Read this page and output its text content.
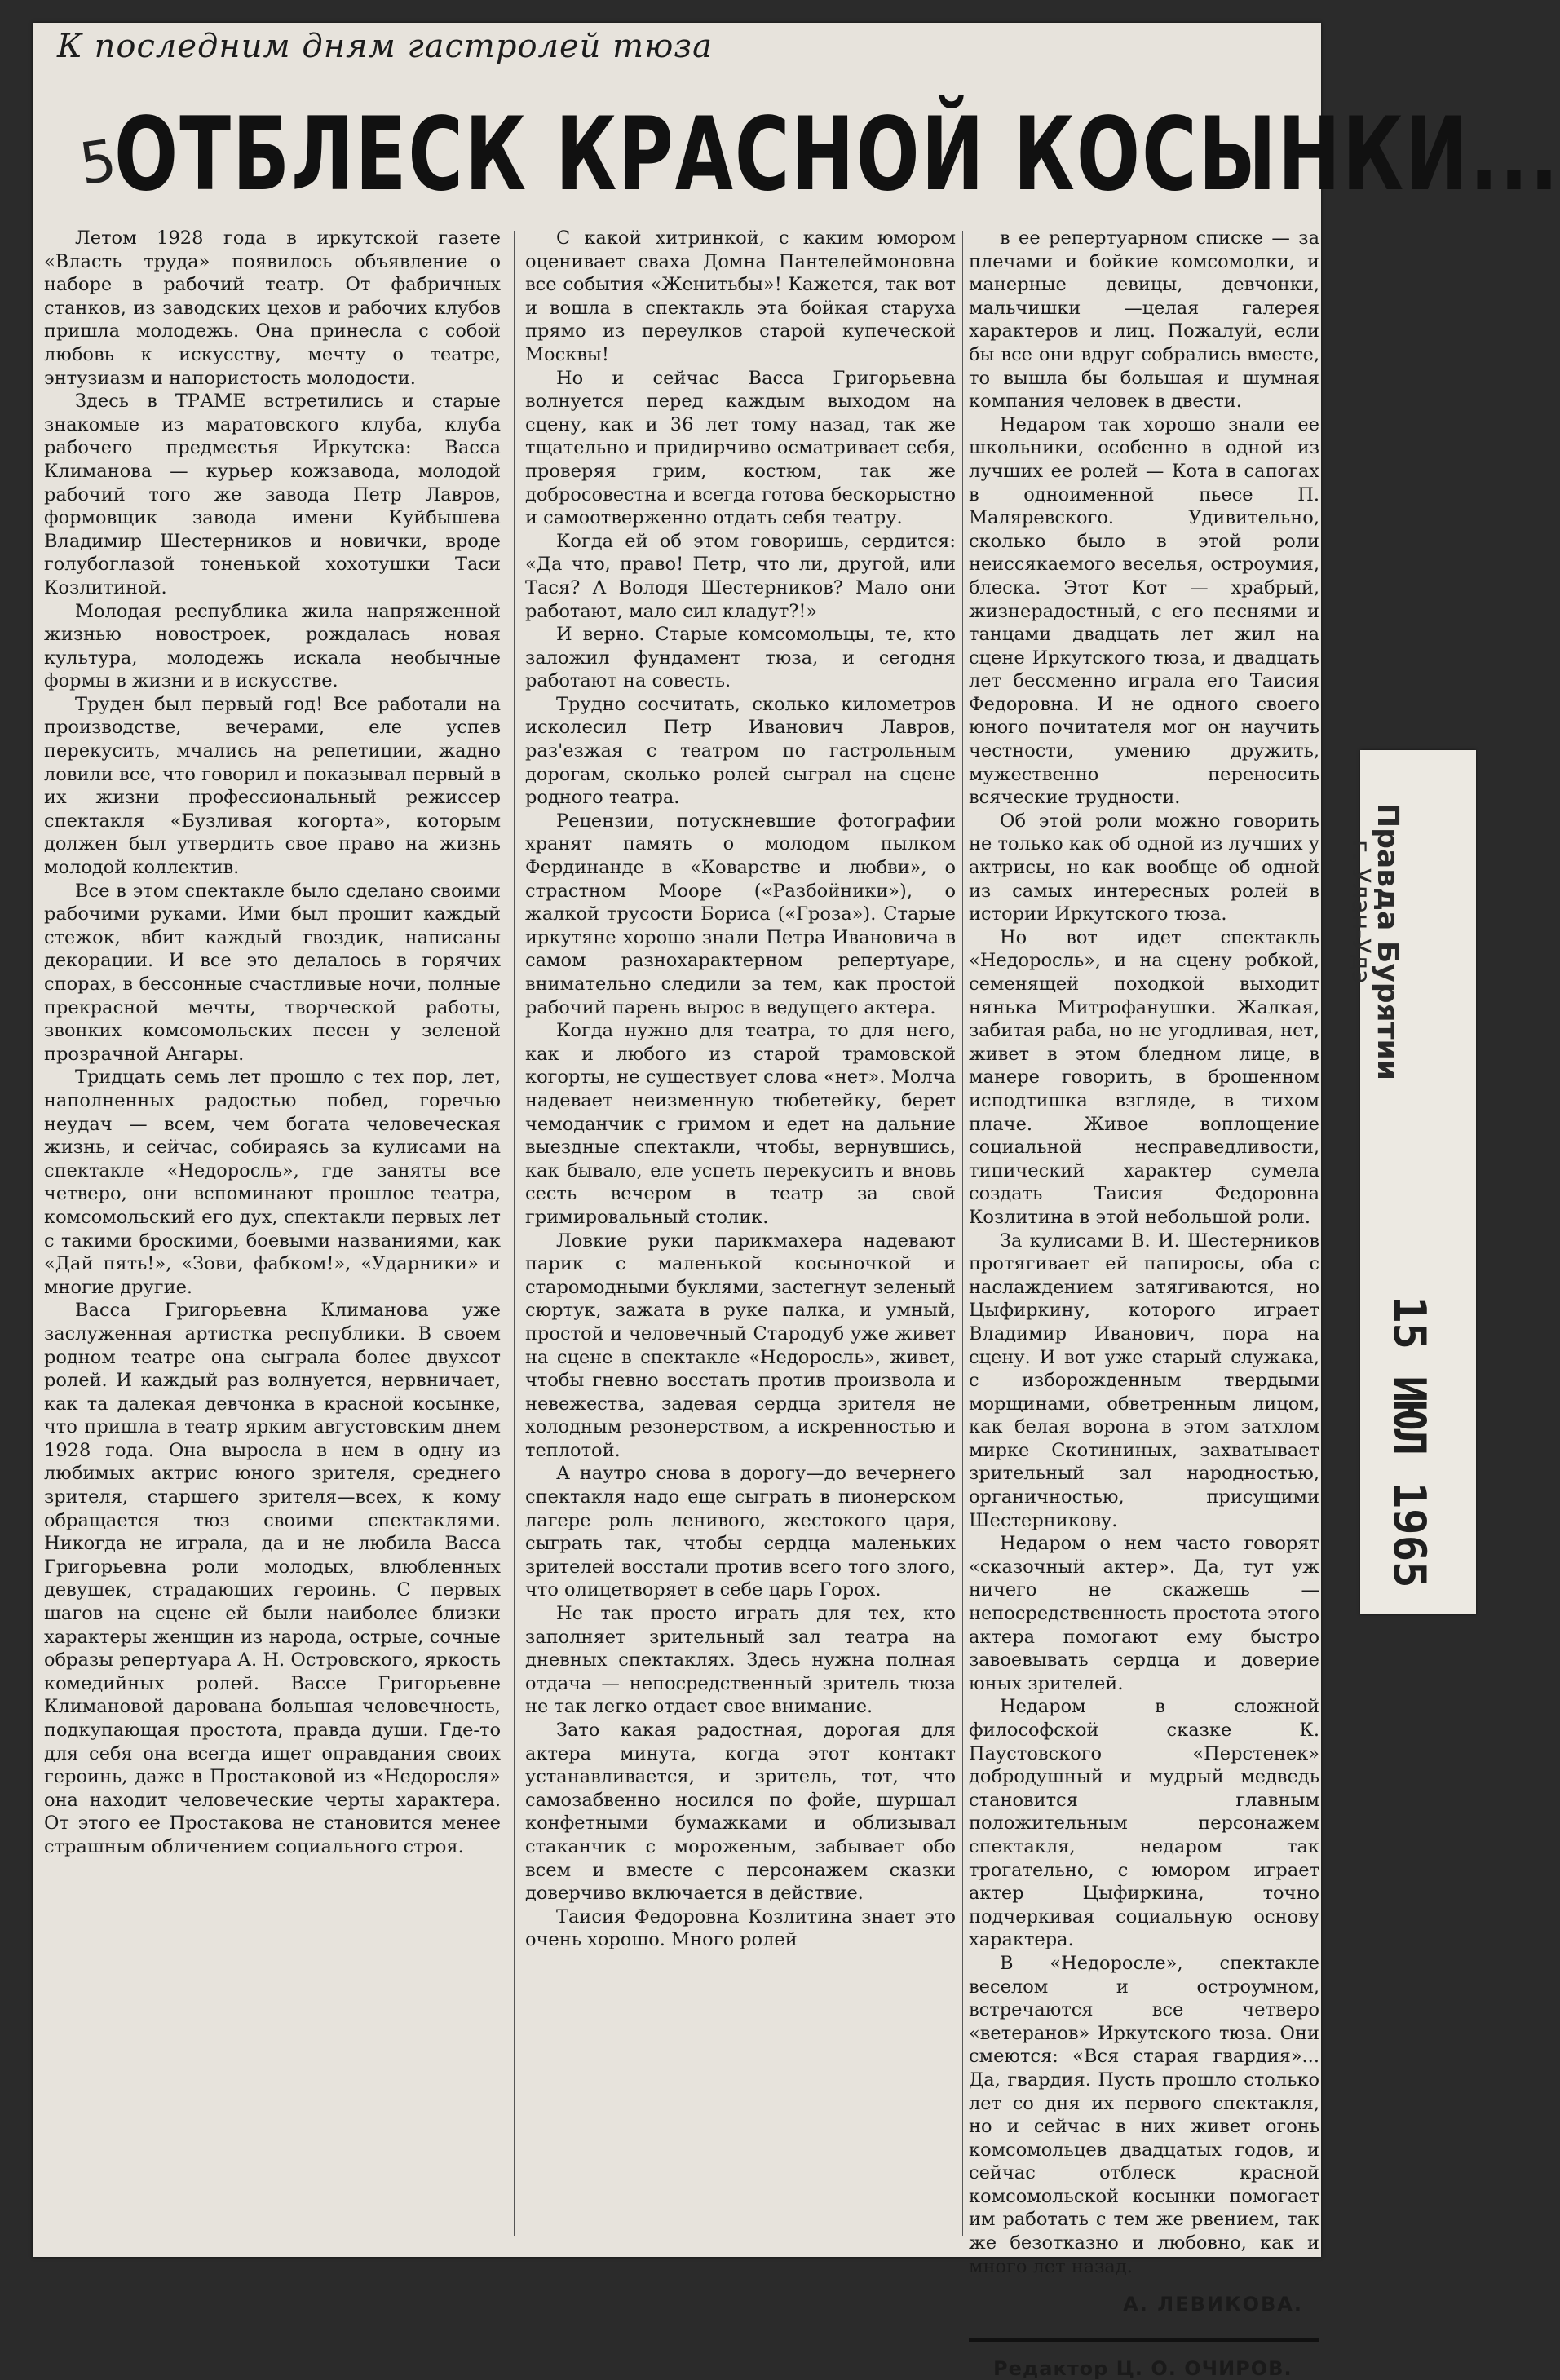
К последним дням гастролей тюза
5
ОТБЛЕСК КРАСНОЙ КОСЫНКИ...

Летом 1928 года в иркутской газете «Власть труда» появилось объявление о наборе в рабочий театр. От фабричных станков, из заводских цехов и рабочих клубов пришла молодежь. Она принесла с собой любовь к искусству, мечту о театре, энтузиазм и напористость молодости.

Здесь в ТРАМЕ встретились и старые знакомые из маратовского клуба, клуба рабочего предместья Иркутска: Васса Климанова — курьер кожзавода, молодой рабочий того же завода Петр Лавров, формовщик завода имени Куйбышева Владимир Шестерников и новички, вроде голубоглазой тоненькой хохотушки Таси Козлитиной.

Молодая республика жила напряженной жизнью новостроек, рождалась новая культура, молодежь искала необычные формы в жизни и в искусстве.

Труден был первый год! Все работали на производстве, вечерами, еле успев перекусить, мчались на репетиции, жадно ловили все, что говорил и показывал первый в их жизни профессиональный режиссер спектакля «Бузливая когорта», которым должен был утвердить свое право на жизнь молодой коллектив.

Все в этом спектакле было сделано своими рабочими руками. Ими был прошит каждый стежок, вбит каждый гвоздик, написаны декорации. И все это делалось в горячих спорах, в бессонные счастливые ночи, полные прекрасной мечты, творческой работы, звонких комсомольских песен у зеленой прозрачной Ангары.

Тридцать семь лет прошло с тех пор, лет, наполненных радостью побед, горечью неудач — всем, чем богата человеческая жизнь, и сейчас, собираясь за кулисами на спектакле «Недоросль», где заняты все четверо, они вспоминают прошлое театра, комсомольский его дух, спектакли первых лет с такими броскими, боевыми названиями, как «Дай пять!», «Зови, фабком!», «Ударники» и многие другие.

Васса Григорьевна Климанова уже заслуженная артистка республики. В своем родном театре она сыграла более двухсот ролей. И каждый раз волнуется, нервничает, как та далекая девчонка в красной косынке, что пришла в театр ярким августовским днем 1928 года. Она выросла в нем в одну из любимых актрис юного зрителя, среднего зрителя, старшего зрителя—всех, к кому обращается тюз своими спектаклями. Никогда не играла, да и не любила Васса Григорьевна роли молодых, влюбленных девушек, страдающих героинь. С первых шагов на сцене ей были наиболее близки характеры женщин из народа, острые, сочные образы репертуара А. Н. Островского, яркость комедийных ролей. Вассе Григорьевне Климановой дарована большая человечность, подкупающая простота, правда души. Где-то для себя она всегда ищет оправдания своих героинь, даже в Простаковой из «Недоросля» она находит человеческие черты характера. От этого ее Простакова не становится менее страшным обличением социального строя.

С какой хитринкой, с каким юмором оценивает сваха Домна Пантелеймоновна все события «Женитьбы»! Кажется, так вот и вошла в спектакль эта бойкая старуха прямо из переулков старой купеческой Москвы!

Но и сейчас Васса Григорьевна волнуется перед каждым выходом на сцену, как и 36 лет тому назад, так же тщательно и придирчиво осматривает себя, проверяя грим, костюм, так же добросовестна и всегда готова бескорыстно и самоотверженно отдать себя театру.

Когда ей об этом говоришь, сердится: «Да что, право! Петр, что ли, другой, или Тася? А Володя Шестерников? Мало они работают, мало сил кладут?!»

И верно. Старые комсомольцы, те, кто заложил фундамент тюза, и сегодня работают на совесть.

Трудно сосчитать, сколько километров исколесил Петр Иванович Лавров, раз'езжая с театром по гастрольным дорогам, сколько ролей сыграл на сцене родного театра.

Рецензии, потускневшие фотографии хранят память о молодом пылком Фердинанде в «Коварстве и любви», о страстном Мооре («Разбойники»), о жалкой трусости Бориса («Гроза»). Старые иркутяне хорошо знали Петра Ивановича в самом разнохарактерном репертуаре, внимательно следили за тем, как простой рабочий парень вырос в ведущего актера.

Когда нужно для театра, то для него, как и любого из старой трамовской когорты, не существует слова «нет». Молча надевает неизменную тюбетейку, берет чемоданчик с гримом и едет на дальние выездные спектакли, чтобы, вернувшись, как бывало, еле успеть перекусить и вновь сесть вечером в театр за свой гримировальный столик.

Ловкие руки парикмахера надевают парик с маленькой косыночкой и старомодными буклями, застегнут зеленый сюртук, зажата в руке палка, и умный, простой и человечный Стародуб уже живет на сцене в спектакле «Недоросль», живет, чтобы гневно восстать против произвола и невежества, задевая сердца зрителя не холодным резонерством, а искренностью и теплотой.

А наутро снова в дорогу—до вечернего спектакля надо еще сыграть в пионерском лагере роль ленивого, жестокого царя, сыграть так, чтобы сердца маленьких зрителей восстали против всего того злого, что олицетворяет в себе царь Горох.

Не так просто играть для тех, кто заполняет зрительный зал театра на дневных спектаклях. Здесь нужна полная отдача — непосредственный зритель тюза не так легко отдает свое внимание.

Зато какая радостная, дорогая для актера минута, когда этот контакт устанавливается, и зритель, тот, что самозабвенно носился по фойе, шуршал конфетными бумажками и облизывал стаканчик с мороженым, забывает обо всем и вместе с персонажем сказки доверчиво включается в действие.

Таисия Федоровна Козлитина знает это очень хорошо. Много ролей

в ее репертуарном списке — за плечами и бойкие комсомолки, и манерные девицы, девчонки, мальчишки —целая галерея характеров и лиц. Пожалуй, если бы все они вдруг собрались вместе, то вышла бы большая и шумная компания человек в двести.

Недаром так хорошо знали ее школьники, особенно в одной из лучших ее ролей — Кота в сапогах в одноименной пьесе П. Маляревского. Удивительно, сколько было в этой роли неиссякаемого веселья, остроумия, блеска. Этот Кот — храбрый, жизнерадостный, с его песнями и танцами двадцать лет жил на сцене Иркутского тюза, и двадцать лет бессменно играла его Таисия Федоровна. И не одного своего юного почитателя мог он научить честности, умению дружить, мужественно переносить всяческие трудности.

Об этой роли можно говорить не только как об одной из лучших у актрисы, но как вообще об одной из самых интересных ролей в истории Иркутского тюза.

Но вот идет спектакль «Недоросль», и на сцену робкой, семенящей походкой выходит нянька Митрофанушки. Жалкая, забитая раба, но не угодливая, нет, живет в этом бледном лице, в манере говорить, в брошенном исподтишка взгляде, в тихом плаче. Живое воплощение социальной несправедливости, типический характер сумела создать Таисия Федоровна Козлитина в этой небольшой роли.

За кулисами В. И. Шестерников протягивает ей папиросы, оба с наслаждением затягиваются, но Цыфиркину, которого играет Владимир Иванович, пора на сцену. И вот уже старый служака, с изборожденным твердыми морщинами, обветренным лицом, как белая ворона в этом затхлом мирке Скотининых, захватывает зрительный зал народностью, органичностью, присущими Шестерникову.

Недаром о нем часто говорят «сказочный актер». Да, тут уж ничего не скажешь — непосредственность простота этого актера помогают ему быстро завоевывать сердца и доверие юных зрителей.

Недаром в сложной философской сказке К. Паустовского «Перстенек» добродушный и мудрый медведь становится главным положительным персонажем спектакля, недаром так трогательно, с юмором играет актер Цыфиркина, точно подчеркивая социальную основу характера.

В «Недоросле», спектакле веселом и остроумном, встречаются все четверо «ветеранов» Иркутского тюза. Они смеются: «Вся старая гвардия»... Да, гвардия. Пусть прошло столько лет со дня их первого спектакля, но и сейчас в них живет огонь комсомольцев двадцатых годов, и сейчас отблеск красной комсомольской косынки помогает им работать с тем же рвением, так же безотказно и любовно, как и много лет назад.

А. ЛЕВИКОВА.
Редактор Ц. О. ОЧИРОВ.
Правда Бурятии
г. Улан-Удэ
15 ИЮЛ 1965
